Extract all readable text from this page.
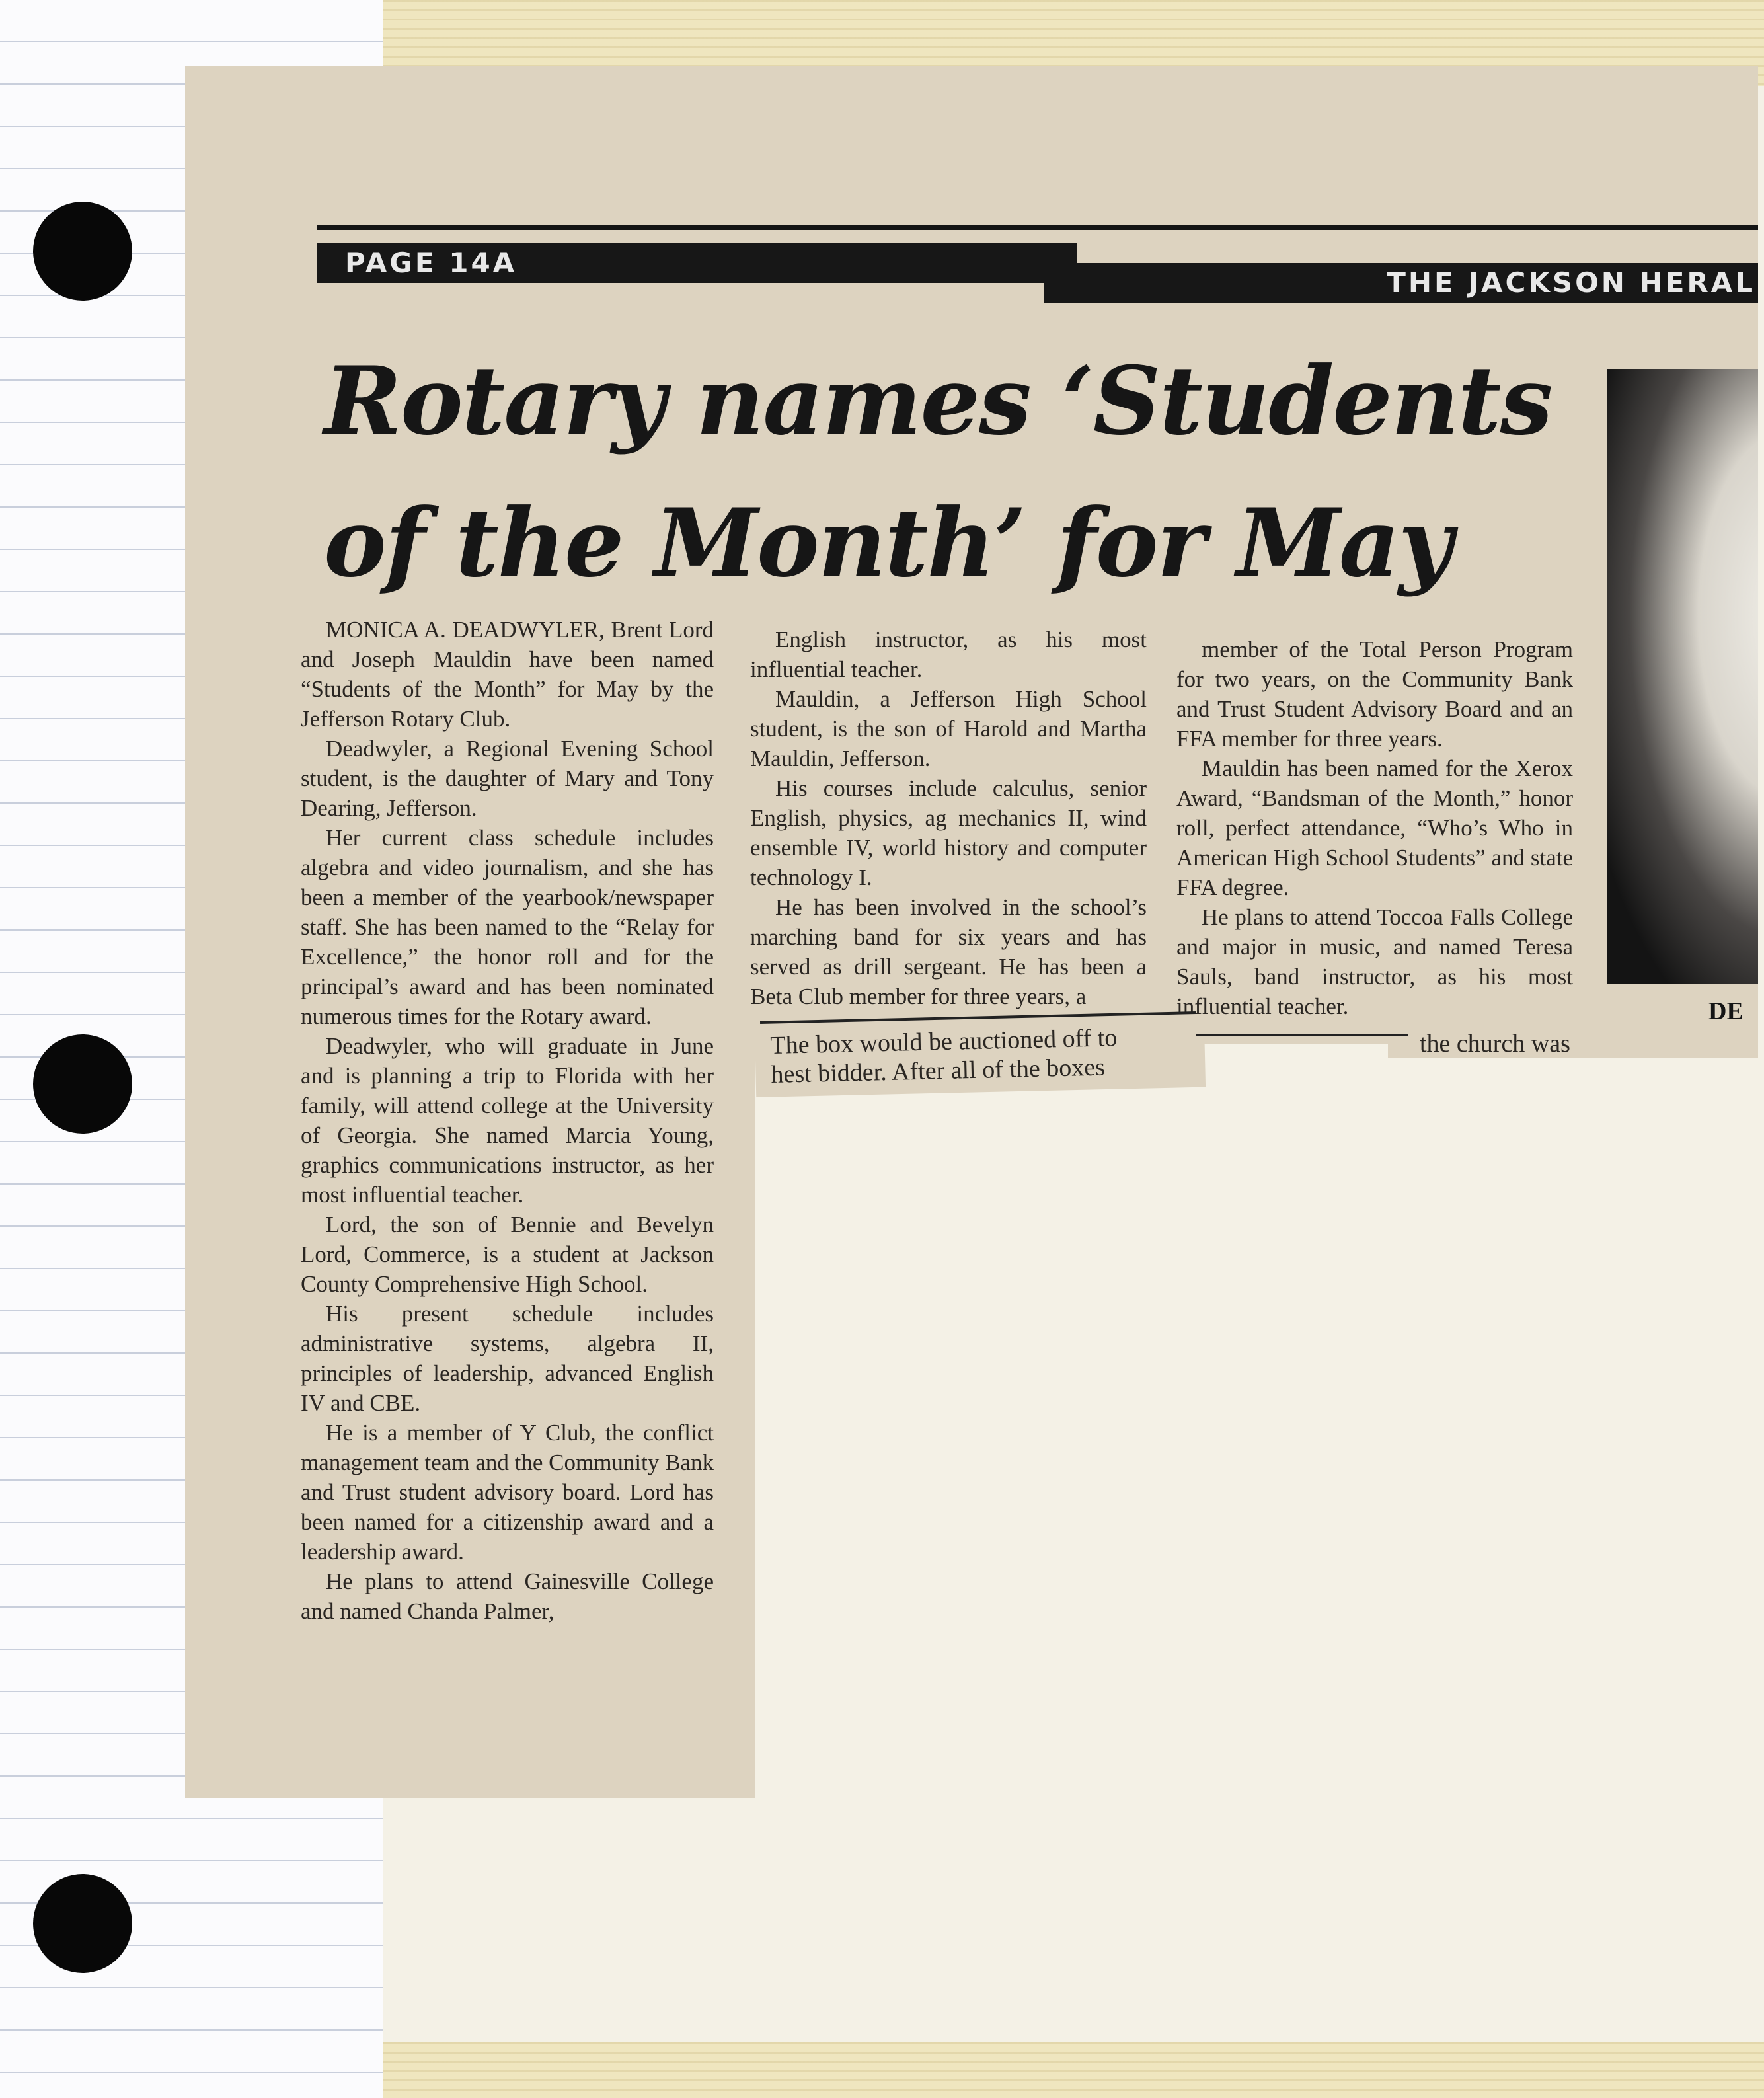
PAGE 14A
THE JACKSON HERAL
Rotary names ‘Students
of the Month’ for May
DE

MONICA A. DEADWYLER, Brent Lord and Joseph Mauldin have been named “Students of the Month” for May by the Jefferson Rotary Club.

Deadwyler, a Regional Evening School student, is the daughter of Mary and Tony Dearing, Jefferson.

Her current class schedule includes algebra and video journalism, and she has been a member of the yearbook/newspaper staff. She has been named to the “Relay for Excellence,” the honor roll and for the principal’s award and has been nominated numerous times for the Rotary award.

Deadwyler, who will graduate in June and is planning a trip to Florida with her family, will attend college at the University of Georgia. She named Marcia Young, graphics communications instructor, as her most influential teacher.

Lord, the son of Bennie and Bevelyn Lord, Commerce, is a student at Jackson County Comprehensive High School.

His present schedule includes administrative systems, algebra II, principles of leadership, advanced English IV and CBE.

He is a member of Y Club, the conflict management team and the Community Bank and Trust student advisory board. Lord has been named for a citizenship award and a leadership award.

He plans to attend Gainesville College and named Chanda Palmer,

English instructor, as his most influential teacher.

Mauldin, a Jefferson High School student, is the son of Harold and Martha Mauldin, Jefferson.

His courses include calculus, senior English, physics, ag mechanics II, wind ensemble IV, world history and computer technology I.

He has been involved in the school’s marching band for six years and has served as drill sergeant. He has been a Beta Club member for three years, a

member of the Total Person Program for two years, on the Community Bank and Trust Student Advisory Board and an FFA member for three years.

Mauldin has been named for the Xerox Award, “Bandsman of the Month,” honor roll, perfect attendance, “Who’s Who in American High School Students” and state FFA degree.

He plans to attend Toccoa Falls College and major in music, and named Teresa Sauls, band instructor, as his most influential teacher.

The box would be auctioned off to
hest bidder. After all of the boxes
the church was
